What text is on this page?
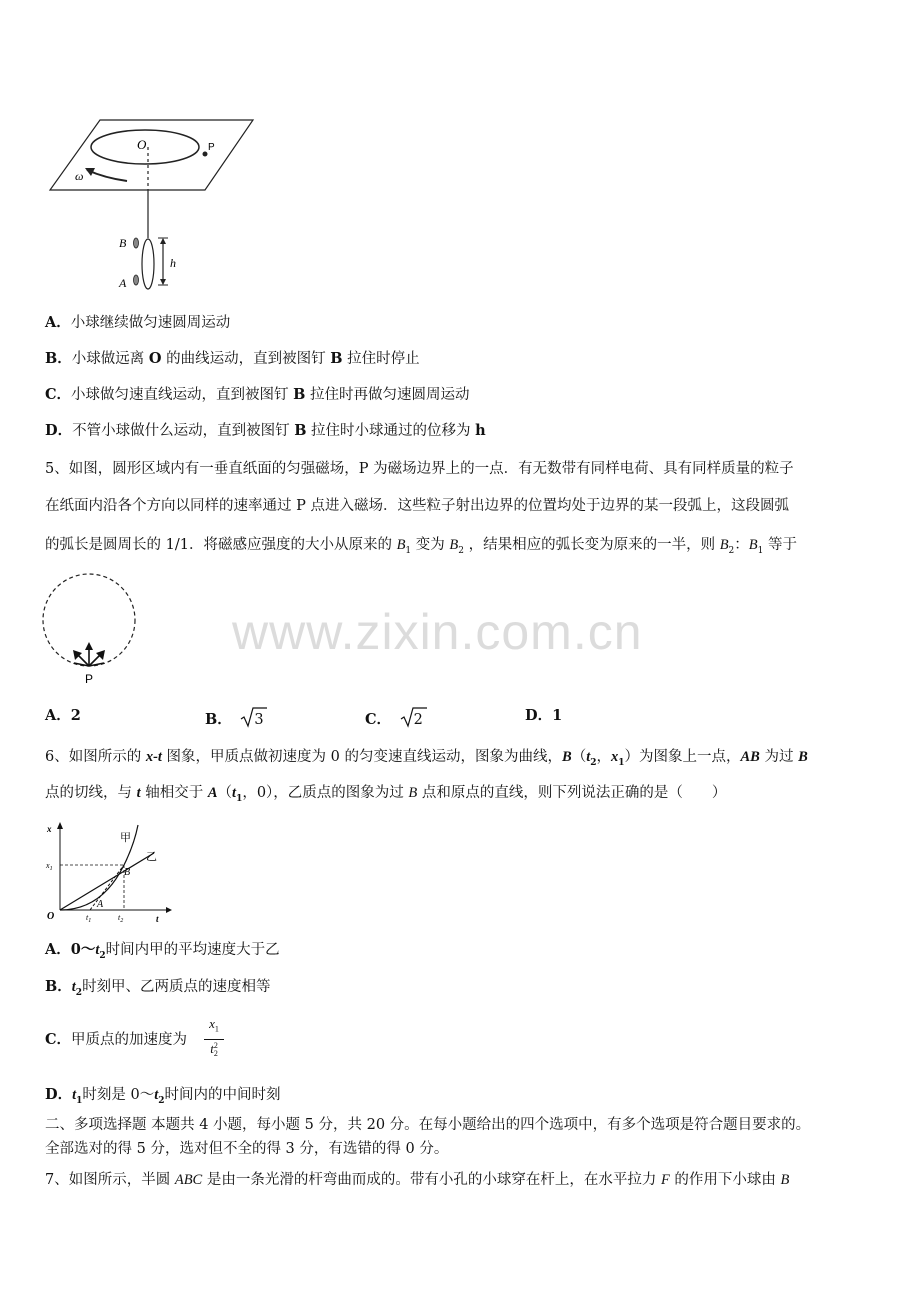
O	P
ω
B
A
h
A．小球继续做匀速圆周运动
B．小球做远离 O 的曲线运动，直到被图钉 B 拉住时停止
C．小球做匀速直线运动，直到被图钉 B 拉住时再做匀速圆周运动
D．不管小球做什么运动，直到被图钉 B 拉住时小球通过的位移为 h
5、如图，圆形区域内有一垂直纸面的匀强磁场，P 为磁场边界上的一点．有无数带有同样电荷、具有同样质量的粒子
在纸面内沿各个方向以同样的速率通过 P 点进入磁场．这些粒子射出边界的位置均处于边界的某一段弧上，这段圆弧
的弧长是圆周长的 1/1．将磁感应强度的大小从原来的 $B_1$ 变为 $B_2$ ，结果相应的弧长变为原来的一半，则 $B_2$：$B_1$ 等于
P
www.zixin.com.cn
A．2	B． 3	C． 2	D．1
6、如图所示的 x-t 图象，甲质点做初速度为 0 的匀变速直线运动，图象为曲线，$B(t_2$，$x_1$）为图象上一点，AB 为过 B
点的切线，与 t 轴相交于 $A(t_1$，0），乙质点的图象为过 B 点和原点的直线，则下列说法正确的是（　　）
x
t
O
$x_1$
$t_1$	$t_2$
甲
乙
B
A
A．$0\sim t_2$时间内甲的平均速度大于乙
B．$t_2$时刻甲、乙两质点的速度相等
C．甲质点的加速度为
$x_1$
t 2
2
D．$t_1$时刻是 $0\sim t_2$时间内的中间时刻
二、多项选择题 本题共 4 小题，每小题 5 分，共 20 分。在每小题给出的四个选项中，有多个选项是符合题目要求的。
全部选对的得 5 分，选对但不全的得 3 分，有选错的得 0 分。
7、如图所示，半圆 ABC 是由一条光滑的杆弯曲而成的。带有小孔的小球穿在杆上，在水平拉力 F 的作用下小球由 B
